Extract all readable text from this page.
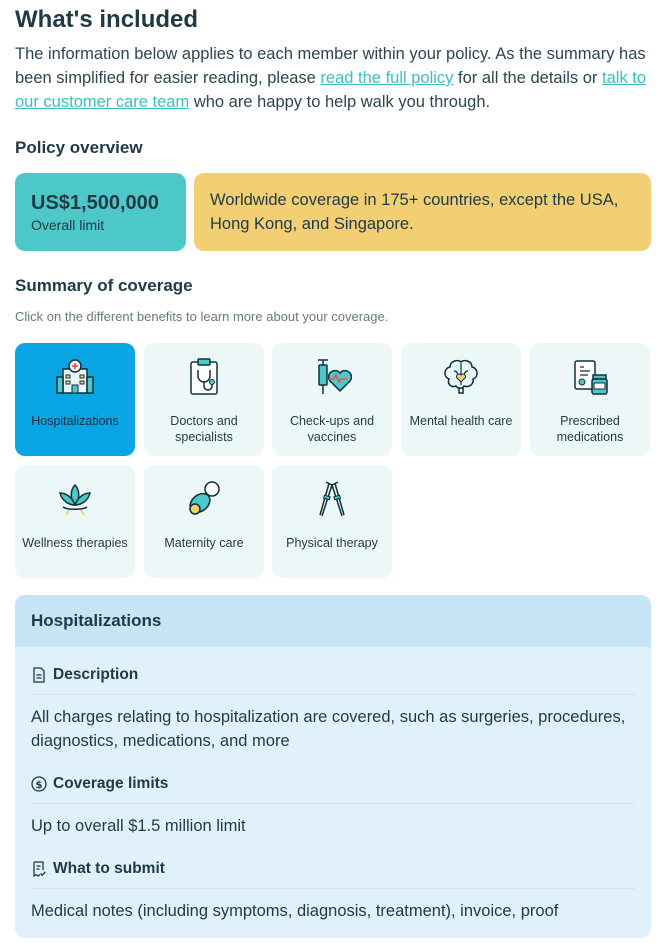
What's included
The information below applies to each member within your policy. As the summary has been simplified for easier reading, please read the full policy for all the details or talk to our customer care team who are happy to help walk you through.
Policy overview
US$1,500,000
Overall limit
Worldwide coverage in 175+ countries, except the USA, Hong Kong, and Singapore.
Summary of coverage
Click on the different benefits to learn more about your coverage.
Hospitalizations	Doctors and specialists
Check-ups and vaccines
Mental health care	Prescribed medications
Wellness therapies	Maternity care	Physical therapy
Hospitalizations
Description
All charges relating to hospitalization are covered, such as surgeries, procedures, diagnostics, medications, and more
$ Coverage limits
Up to overall $1.5 million limit
What to submit
Medical notes (including symptoms, diagnosis, treatment), invoice, proof
